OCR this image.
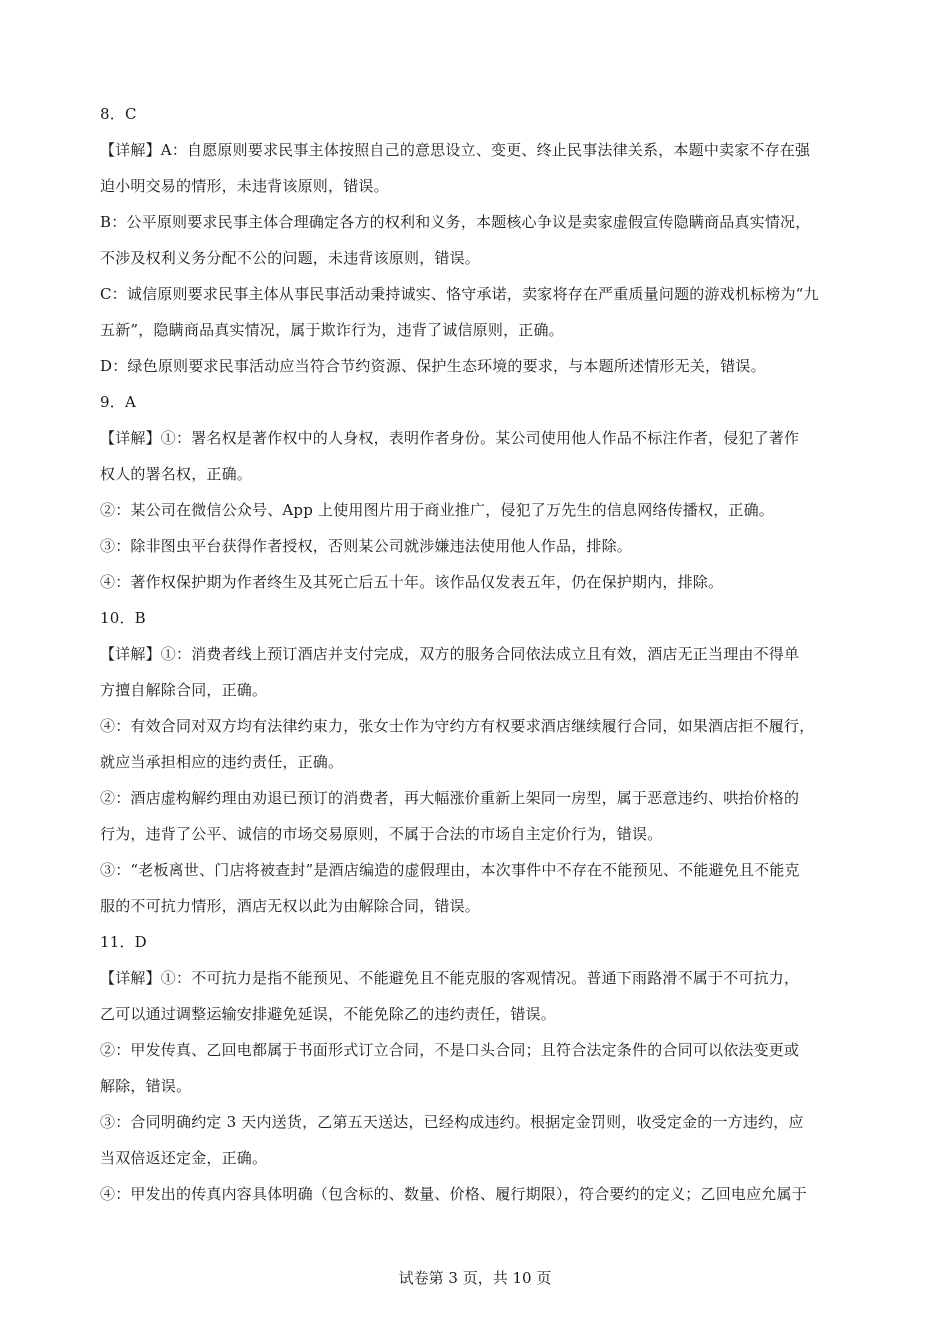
8．C
【详解】A：自愿原则要求民事主体按照自己的意思设立、变更、终止民事法律关系，本题中卖家不存在强
迫小明交易的情形，未违背该原则，错误。
B：公平原则要求民事主体合理确定各方的权利和义务，本题核心争议是卖家虚假宣传隐瞒商品真实情况，
不涉及权利义务分配不公的问题，未违背该原则，错误。
C：诚信原则要求民事主体从事民事活动秉持诚实、恪守承诺，卖家将存在严重质量问题的游戏机标榜为“九
五新”，隐瞒商品真实情况，属于欺诈行为，违背了诚信原则，正确。
D：绿色原则要求民事活动应当符合节约资源、保护生态环境的要求，与本题所述情形无关，错误。
9．A
【详解】①：署名权是著作权中的人身权，表明作者身份。某公司使用他人作品不标注作者，侵犯了著作
权人的署名权，正确。
②：某公司在微信公众号、App 上使用图片用于商业推广，侵犯了万先生的信息网络传播权，正确。
③：除非图虫平台获得作者授权，否则某公司就涉嫌违法使用他人作品，排除。
④：著作权保护期为作者终生及其死亡后五十年。该作品仅发表五年，仍在保护期内，排除。
10．B
【详解】①：消费者线上预订酒店并支付完成，双方的服务合同依法成立且有效，酒店无正当理由不得单
方擅自解除合同，正确。
④：有效合同对双方均有法律约束力，张女士作为守约方有权要求酒店继续履行合同，如果酒店拒不履行，
就应当承担相应的违约责任，正确。
②：酒店虚构解约理由劝退已预订的消费者，再大幅涨价重新上架同一房型，属于恶意违约、哄抬价格的
行为，违背了公平、诚信的市场交易原则，不属于合法的市场自主定价行为，错误。
③：“老板离世、门店将被查封”是酒店编造的虚假理由，本次事件中不存在不能预见、不能避免且不能克
服的不可抗力情形，酒店无权以此为由解除合同，错误。
11．D
【详解】①：不可抗力是指不能预见、不能避免且不能克服的客观情况。普通下雨路滑不属于不可抗力，
乙可以通过调整运输安排避免延误，不能免除乙的违约责任，错误。
②：甲发传真、乙回电都属于书面形式订立合同，不是口头合同；且符合法定条件的合同可以依法变更或
解除，错误。
③：合同明确约定 3 天内送货，乙第五天送达，已经构成违约。根据定金罚则，收受定金的一方违约，应
当双倍返还定金，正确。
④：甲发出的传真内容具体明确（包含标的、数量、价格、履行期限），符合要约的定义；乙回电应允属于
试卷第 3 页，共 10 页
